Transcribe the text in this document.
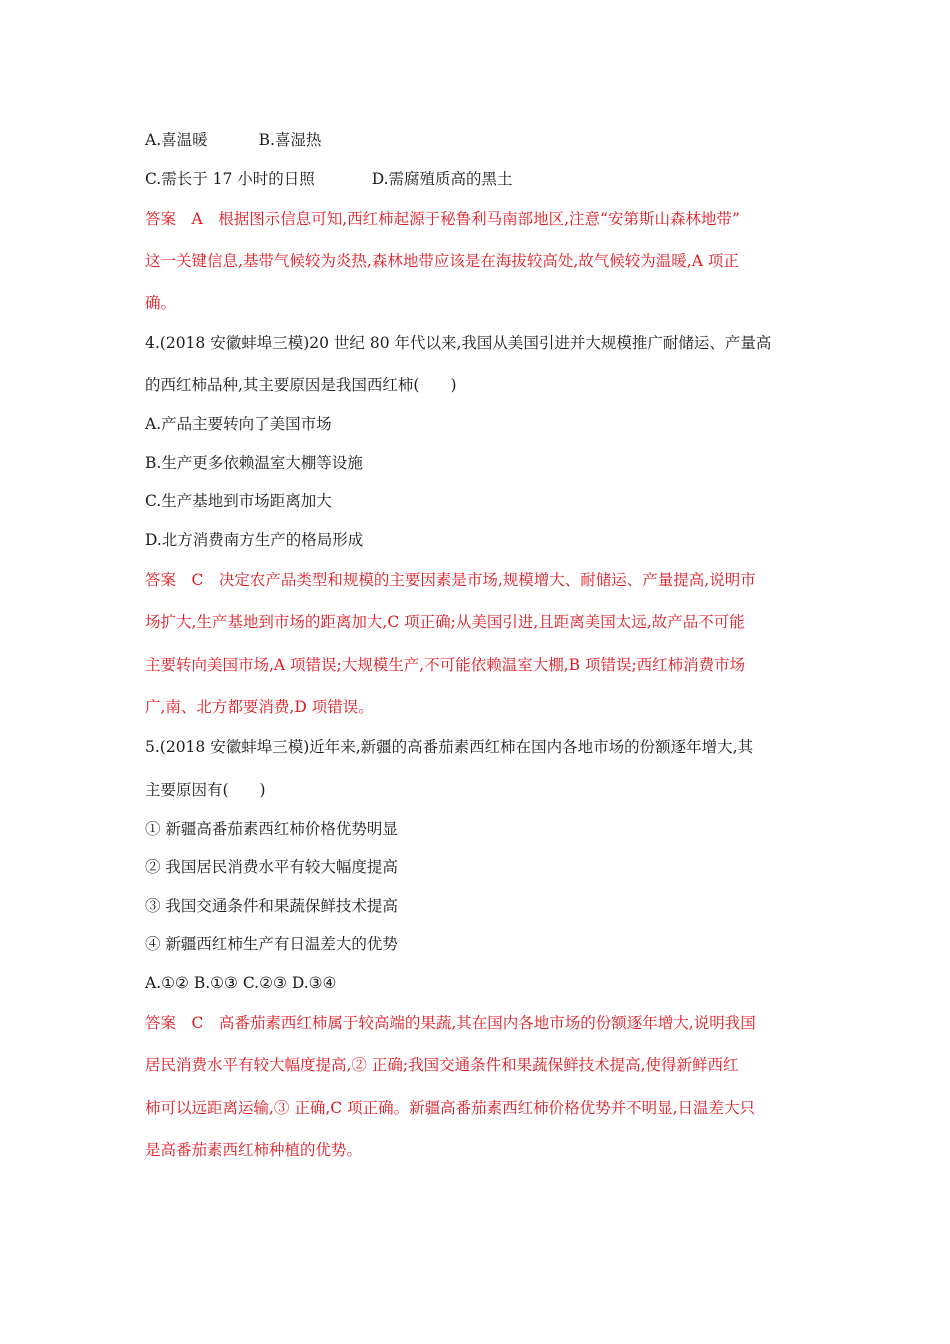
A.喜温暖	B.喜湿热
C.需长于 17 小时的日照	D.需腐殖质高的黑土
答案　A　根据图示信息可知,西红柿起源于秘鲁利马南部地区,注意“安第斯山森林地带”
这一关键信息,基带气候较为炎热,森林地带应该是在海拔较高处,故气候较为温暖,A 项正
确。
4.(2018 安徽蚌埠三模)20 世纪 80 年代以来,我国从美国引进并大规模推广耐储运、产量高
的西红柿品种,其主要原因是我国西红柿(　　)
A.产品主要转向了美国市场
B.生产更多依赖温室大棚等设施
C.生产基地到市场距离加大
D.北方消费南方生产的格局形成
答案　C　决定农产品类型和规模的主要因素是市场,规模增大、耐储运、产量提高,说明市
场扩大,生产基地到市场的距离加大,C 项正确;从美国引进,且距离美国太远,故产品不可能
主要转向美国市场,A 项错误;大规模生产,不可能依赖温室大棚,B 项错误;西红柿消费市场
广,南、北方都要消费,D 项错误。
5.(2018 安徽蚌埠三模)近年来,新疆的高番茄素西红柿在国内各地市场的份额逐年增大,其
主要原因有(　　)
① 新疆高番茄素西红柿价格优势明显
② 我国居民消费水平有较大幅度提高
③ 我国交通条件和果蔬保鲜技术提高
④ 新疆西红柿生产有日温差大的优势
A.①② B.①③ C.②③ D.③④
答案　C　高番茄素西红柿属于较高端的果蔬,其在国内各地市场的份额逐年增大,说明我国
居民消费水平有较大幅度提高,② 正确;我国交通条件和果蔬保鲜技术提高,使得新鲜西红
柿可以远距离运输,③ 正确,C 项正确。新疆高番茄素西红柿价格优势并不明显,日温差大只
是高番茄素西红柿种植的优势。
